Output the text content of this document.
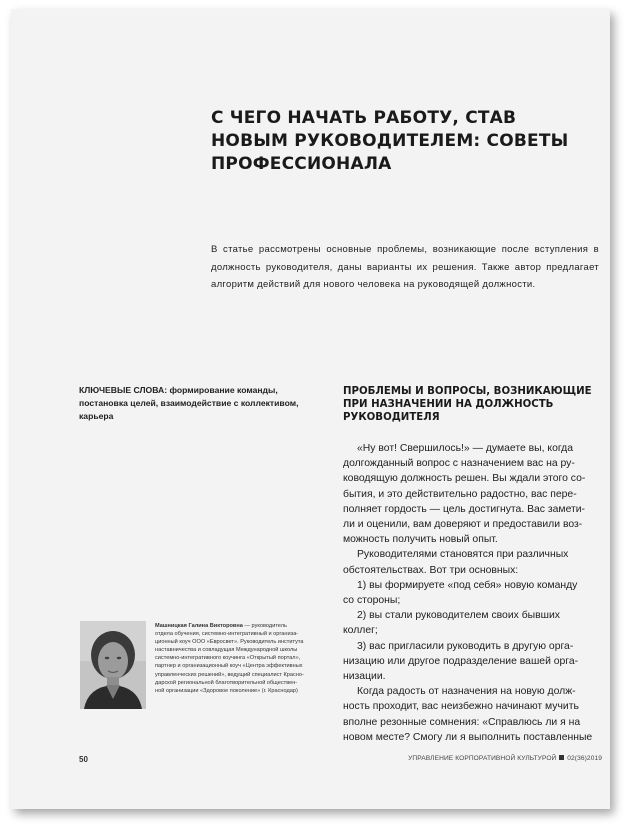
С ЧЕГО НАЧАТЬ РАБОТУ, СТАВ
НОВЫМ РУКОВОДИТЕЛЕМ: СОВЕТЫ
ПРОФЕССИОНАЛА
В статье рассмотрены основные проблемы, возникающие после вступления в должность руководителя, даны варианты их решения. Также автор предлагает алгоритм действий для нового человека на руководящей должности.
КЛЮЧЕВЫЕ СЛОВА: формирование команды, постановка целей, взаимодействие с коллективом, карьера
ПРОБЛЕМЫ И ВОПРОСЫ, ВОЗНИКАЮЩИЕ ПРИ НАЗНАЧЕНИИ НА ДОЛЖНОСТЬ РУКОВОДИТЕЛЯ
«Ну вот! Свершилось!» — думаете вы, когда
долгожданный вопрос с назначением вас на ру-
ководящую должность решен. Вы ждали этого со-
бытия, и это действительно радостно, вас пере-
полняет гордость — цель достигнута. Вас замети-
ли и оценили, вам доверяют и предоставили воз-
можность получить новый опыт.
Руководителями становятся при различных
обстоятельствах. Вот три основных:
1) вы формируете «под себя» новую команду
со стороны;
2) вы стали руководителем своих бывших
коллег;
3) вас пригласили руководить в другую орга-
низацию или другое подразделение вашей орга-
низации.
Когда радость от назначения на новую долж-
ность проходит, вас неизбежно начинают мучить
вполне резонные сомнения: «Справлюсь ли я на
новом месте? Смогу ли я выполнить поставленные
Машницкая Галина Викторовна — руководитель
отдела обучения, системно-интегративный и организа-
ционный коуч ООО «Евросвет». Руководитель института
наставничества и совладущая Международной школы
системно-интегративного коучинга «Открытый портал»,
партнер и организационный коуч «Центра эффективных
управленческих решений», ведущий специалист Красно-
дарской региональной благотворительной обществен-
ной организации «Здоровое поколение» (г. Краснодар)
50	УПРАВЛЕНИЕ КОРПОРАТИВНОЙ КУЛЬТУРОЙ 02(36)2019
